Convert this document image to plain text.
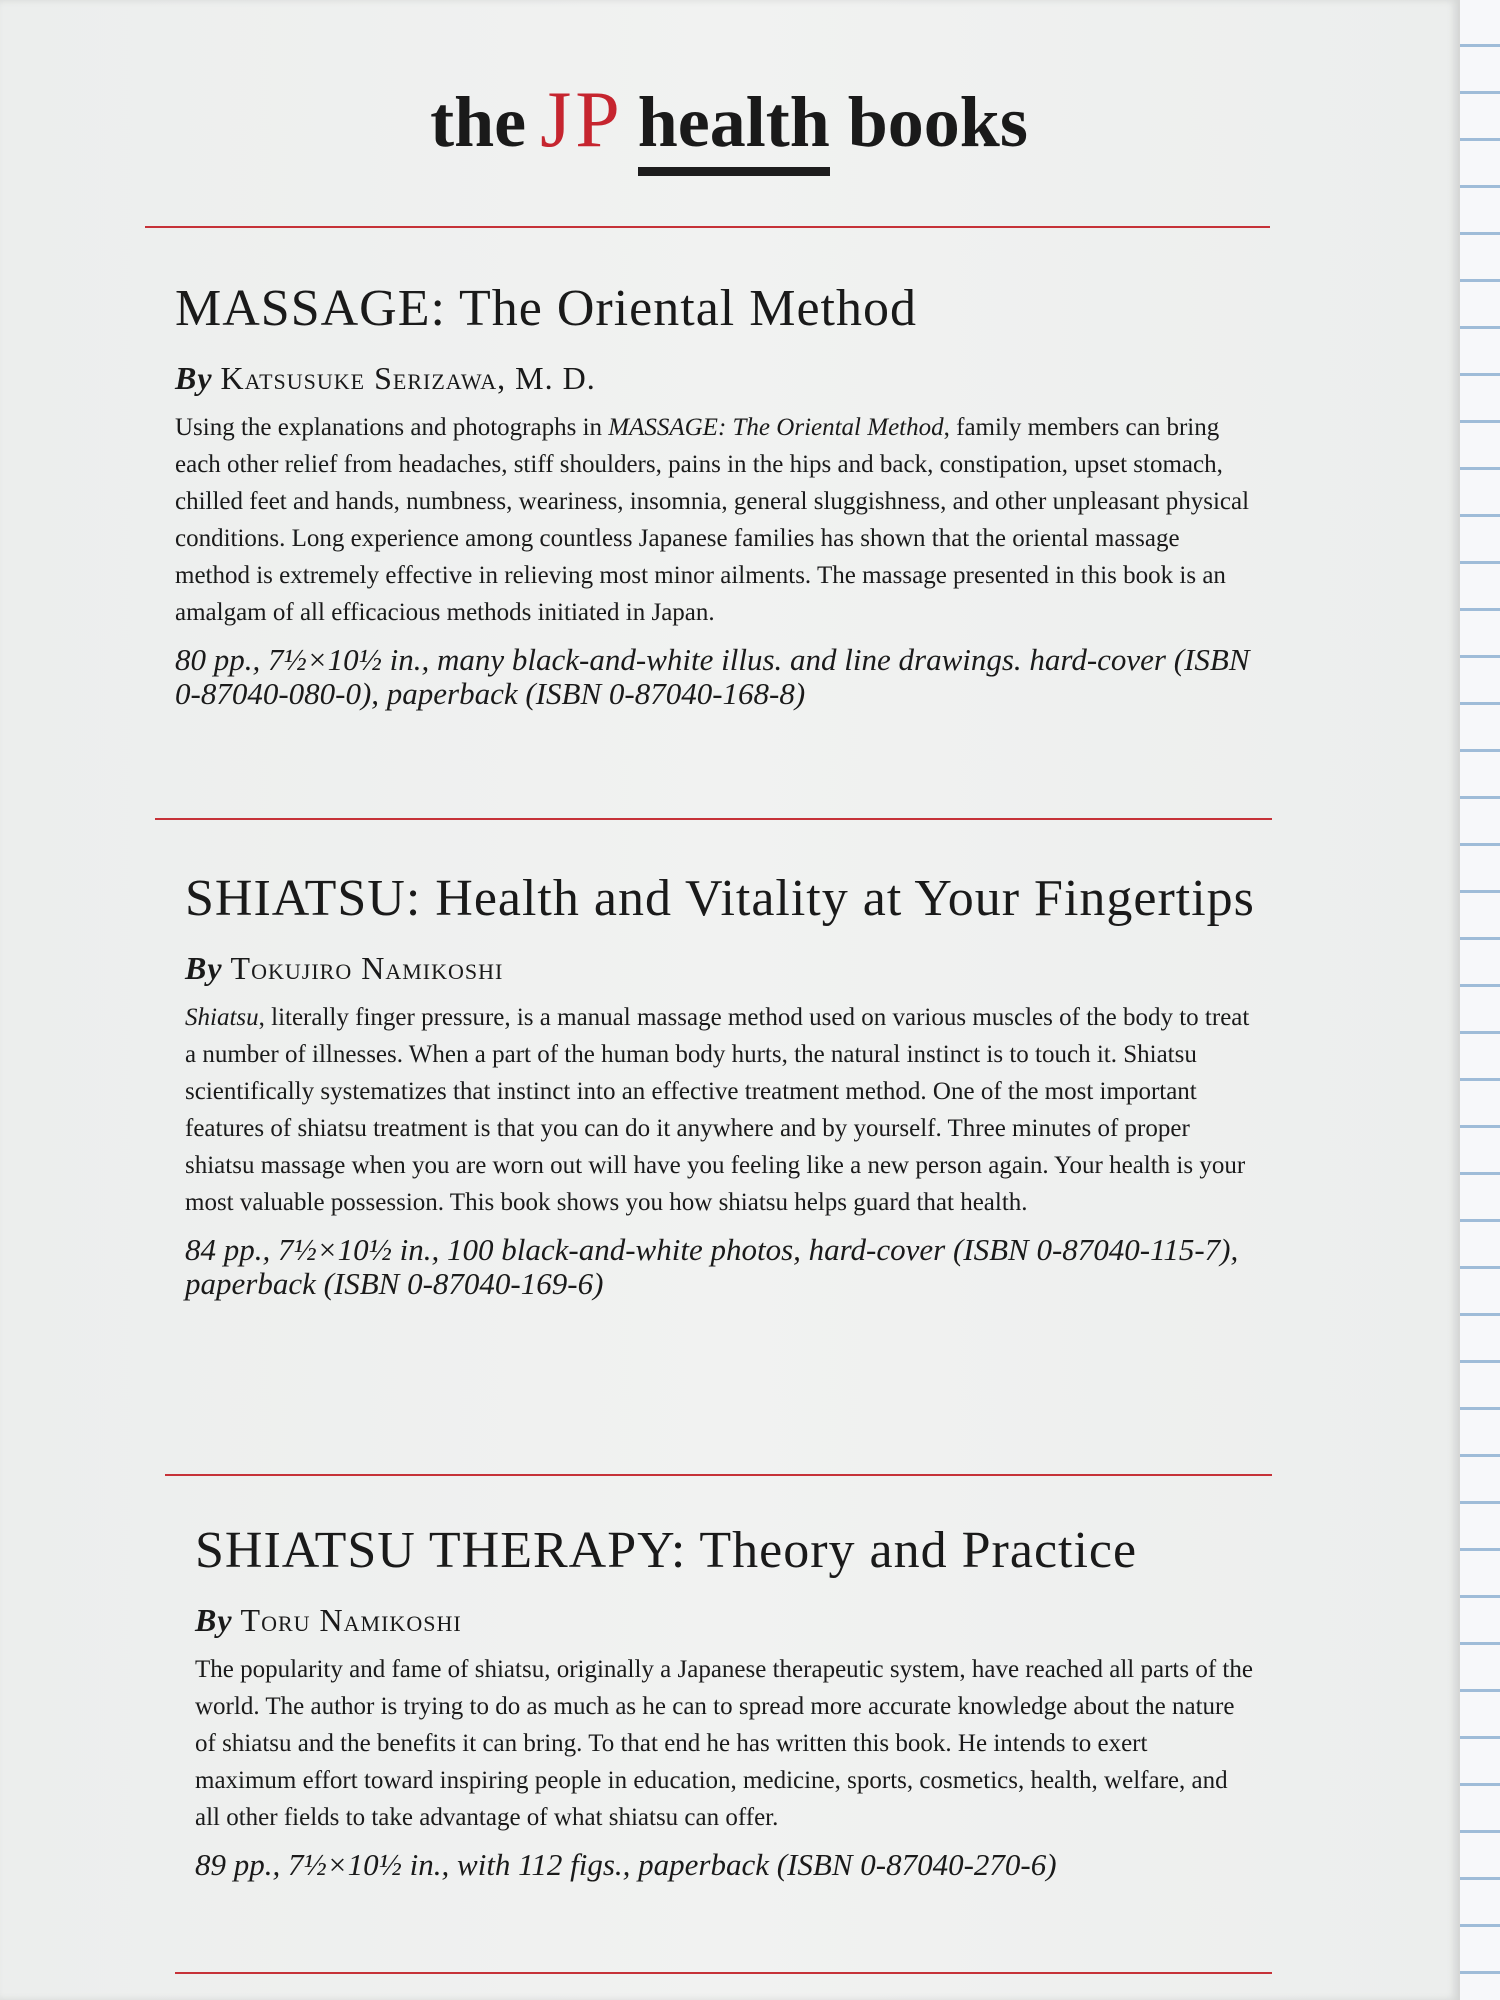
the JP health books
MASSAGE: The Oriental Method
By Katsusuke Serizawa, M. D.
Using the explanations and photographs in MASSAGE: The Oriental Method, family members can bring each other relief from headaches, stiff shoulders, pains in the hips and back, constipation, upset stomach, chilled feet and hands, numbness, weariness, insomnia, general sluggishness, and other unpleasant physical conditions. Long experience among countless Japanese families has shown that the oriental massage method is extremely effective in relieving most minor ailments. The massage presented in this book is an amalgam of all efficacious methods initiated in Japan.
80 pp., 7½×10½ in., many black-and-white illus. and line drawings. hard-cover (ISBN 0-87040-080-0), paperback (ISBN 0-87040-168-8)
SHIATSU: Health and Vitality at Your Fingertips
By Tokujiro Namikoshi
Shiatsu, literally finger pressure, is a manual massage method used on various muscles of the body to treat a number of illnesses. When a part of the human body hurts, the natural instinct is to touch it. Shiatsu scientifically systematizes that instinct into an effective treatment method. One of the most important features of shiatsu treatment is that you can do it anywhere and by yourself. Three minutes of proper shiatsu massage when you are worn out will have you feeling like a new person again. Your health is your most valuable possession. This book shows you how shiatsu helps guard that health.
84 pp., 7½×10½ in., 100 black-and-white photos, hard-cover (ISBN 0-87040-115-7), paperback (ISBN 0-87040-169-6)
SHIATSU THERAPY: Theory and Practice
By Toru Namikoshi
The popularity and fame of shiatsu, originally a Japanese therapeutic system, have reached all parts of the world. The author is trying to do as much as he can to spread more accurate knowledge about the nature of shiatsu and the benefits it can bring. To that end he has written this book. He intends to exert maximum effort toward inspiring people in education, medicine, sports, cosmetics, health, welfare, and all other fields to take advantage of what shiatsu can offer.
89 pp., 7½×10½ in., with 112 figs., paperback (ISBN 0-87040-270-6)
